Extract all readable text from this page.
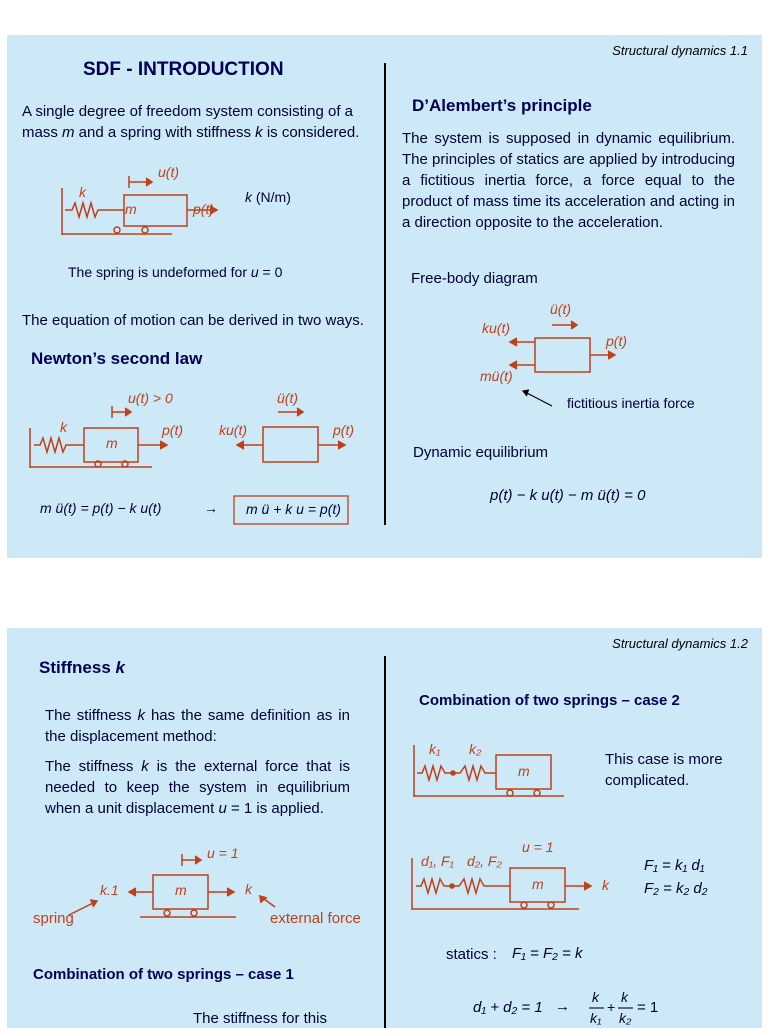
Structural dynamics 1.1
SDF - INTRODUCTION
A single degree of freedom system consisting of a
mass m and a spring with stiffness k is considered.
k
m
u(t)
p(t)
k (N/m)
The spring is undeformed for u = 0
The equation of motion can be derived in two ways.
Newton’s second law
k
m
u(t) > 0
p(t)
ü(t)
ku(t)	p(t)
m ü(t) = p(t) − k u(t)	→ m ü + k u = p(t)
D’Alembert’s principle
The system is supposed in dynamic equilibrium. The principles of statics are applied by introducing a fictitious inertia force, a force equal to the product of mass time its acceleration and acting in a direction opposite to the acceleration.
Free-body diagram
ü(t)
ku(t)
mü(t)
p(t)
fictitious inertia force
Dynamic equilibrium
p(t) − k u(t) − m ü(t) = 0
Structural dynamics 1.2
Stiffness k
The stiffness k has the same definition as in the displacement method:
The stiffness k is the external force that is needed to keep the system in equilibrium when a unit displacement u = 1 is applied.
u = 1
k.1	m	k
spring	external force
Combination of two springs – case 1
The stiffness for this
Combination of two springs – case 2
k₁ k₂
m
This case is more
complicated.
u = 1
d₁, F₁ d₂, F₂
m	k
F₁ = k₁ d₁
F₂ = k₂ d₂
statics : F₁ = F₂ = k
d₁ + d₂ = 1 →
k
k₁
+
k
k₂
= 1
